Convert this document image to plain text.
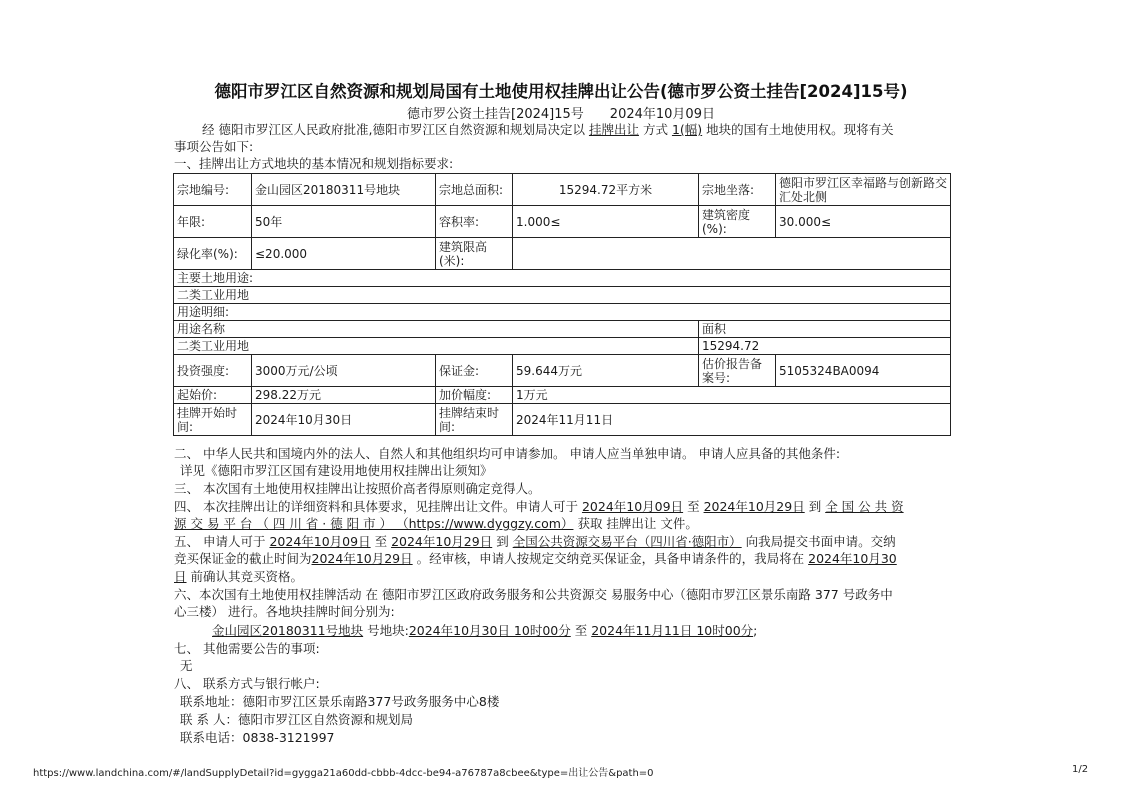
德阳市罗江区自然资源和规划局国有土地使用权挂牌出让公告(德市罗公资土挂告[2024]15号)
德市罗公资土挂告[2024]15号 2024年10月09日
经 德阳市罗江区人民政府批准,德阳市罗江区自然资源和规划局决定以 挂牌出让 方式 1(幅) 地块的国有土地使用权。现将有关
事项公告如下:
一、挂牌出让方式地块的基本情况和规划指标要求:
宗地编号:	金山园区20180311号地块	宗地总面积:	15294.72平方米	宗地坐落:	德阳市罗江区幸福路与创新路交汇处北侧
年限:	50年	容积率:	1.000≤	建筑密度(%):	30.000≤
绿化率(%):	≤20.000	建筑限高(米):			
主要土地用途:					
二类工业用地					
用途明细:					
用途名称				面积	
二类工业用地				15294.72	
投资强度:	3000万元/公顷	保证金:	59.644万元	估价报告备案号:	5105324BA0094
起始价:	298.22万元	加价幅度:	1万元		
挂牌开始时间:	2024年10月30日	挂牌结束时间:	2024年11月11日		
二、 中华人民共和国境内外的法人、自然人和其他组织均可申请参加。 申请人应当单独申请。 申请人应具备的其他条件:
详见《德阳市罗江区国有建设用地使用权挂牌出让须知》
三、 本次国有土地使用权挂牌出让按照价高者得原则确定竞得人。
四、 本次挂牌出让的详细资料和具体要求，见挂牌出让文件。申请人可于 2024年10月09日 至 2024年10月29日 到 全 国 公 共 资
源 交 易 平 台 （ 四 川 省 · 德 阳 市 ） （https://www.dyggzy.com） 获取 挂牌出让 文件。
五、 申请人可于 2024年10月09日 至 2024年10月29日 到 全国公共资源交易平台（四川省·德阳市） 向我局提交书面申请。交纳
竞买保证金的截止时间为2024年10月29日 。经审核，申请人按规定交纳竞买保证金，具备申请条件的，我局将在 2024年10月30
日 前确认其竞买资格。
六、本次国有土地使用权挂牌活动 在 德阳市罗江区政府政务服务和公共资源交 易服务中心（德阳市罗江区景乐南路 377 号政务中
心三楼） 进行。各地块挂牌时间分别为:
金山园区20180311号地块 号地块:2024年10月30日 10时00分 至 2024年11月11日 10时00分;
七、 其他需要公告的事项:
无
八、 联系方式与银行帐户:
联系地址：德阳市罗江区景乐南路377号政务服务中心8楼
联 系 人：德阳市罗江区自然资源和规划局
联系电话：0838-3121997
https://www.landchina.com/#/landSupplyDetail?id=gygga21a60dd-cbbb-4dcc-be94-a76787a8cbee&type=出让公告&path=0	1/2
